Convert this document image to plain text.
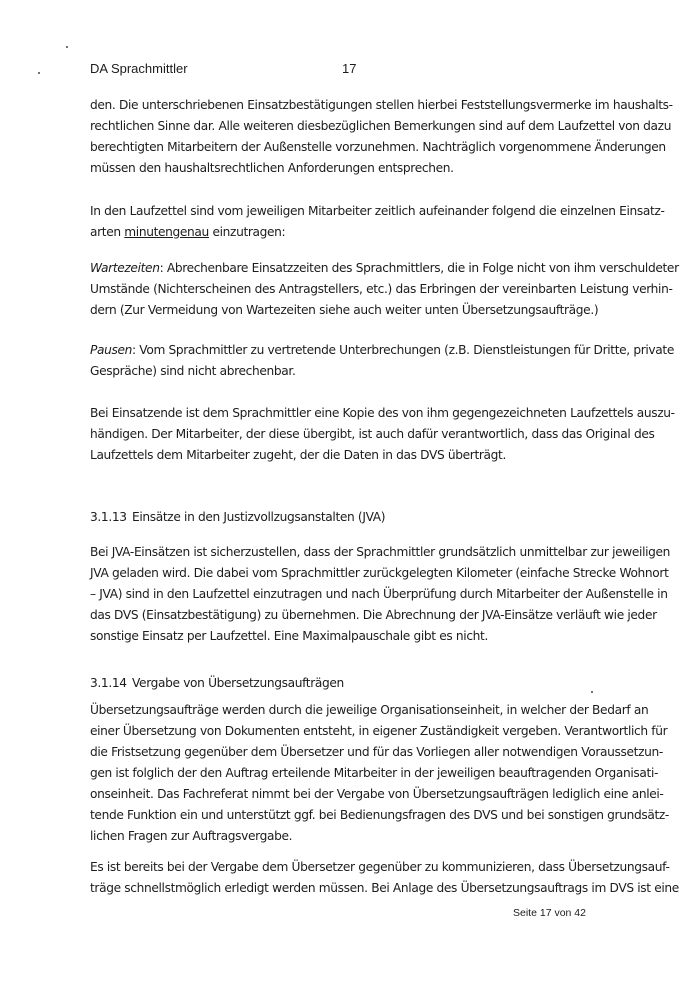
DA Sprachmittler	17
den. Die unterschriebenen Einsatzbestätigungen stellen hierbei Feststellungsvermerke im haushalts-
rechtlichen Sinne dar. Alle weiteren diesbezüglichen Bemerkungen sind auf dem Laufzettel von dazu
berechtigten Mitarbeitern der Außenstelle vorzunehmen. Nachträglich vorgenommene Änderungen
müssen den haushaltsrechtlichen Anforderungen entsprechen.
In den Laufzettel sind vom jeweiligen Mitarbeiter zeitlich aufeinander folgend die einzelnen Einsatz-
arten minutengenau einzutragen:
Wartezeiten: Abrechenbare Einsatzzeiten des Sprachmittlers, die in Folge nicht von ihm verschuldeter
Umstände (Nichterscheinen des Antragstellers, etc.) das Erbringen der vereinbarten Leistung verhin-
dern (Zur Vermeidung von Wartezeiten siehe auch weiter unten Übersetzungsaufträge.)
Pausen: Vom Sprachmittler zu vertretende Unterbrechungen (z.B. Dienstleistungen für Dritte, private
Gespräche) sind nicht abrechenbar.
Bei Einsatzende ist dem Sprachmittler eine Kopie des von ihm gegengezeichneten Laufzettels auszu-
händigen. Der Mitarbeiter, der diese übergibt, ist auch dafür verantwortlich, dass das Original des
Laufzettels dem Mitarbeiter zugeht, der die Daten in das DVS überträgt.
3.1.13 Einsätze in den Justizvollzugsanstalten (JVA)
Bei JVA-Einsätzen ist sicherzustellen, dass der Sprachmittler grundsätzlich unmittelbar zur jeweiligen
JVA geladen wird. Die dabei vom Sprachmittler zurückgelegten Kilometer (einfache Strecke Wohnort
– JVA) sind in den Laufzettel einzutragen und nach Überprüfung durch Mitarbeiter der Außenstelle in
das DVS (Einsatzbestätigung) zu übernehmen. Die Abrechnung der JVA-Einsätze verläuft wie jeder
sonstige Einsatz per Laufzettel. Eine Maximalpauschale gibt es nicht.
3.1.14 Vergabe von Übersetzungsaufträgen
Übersetzungsaufträge werden durch die jeweilige Organisationseinheit, in welcher der Bedarf an
einer Übersetzung von Dokumenten entsteht, in eigener Zuständigkeit vergeben. Verantwortlich für
die Fristsetzung gegenüber dem Übersetzer und für das Vorliegen aller notwendigen Voraussetzun-
gen ist folglich der den Auftrag erteilende Mitarbeiter in der jeweiligen beauftragenden Organisati-
onseinheit. Das Fachreferat nimmt bei der Vergabe von Übersetzungsaufträgen lediglich eine anlei-
tende Funktion ein und unterstützt ggf. bei Bedienungsfragen des DVS und bei sonstigen grundsätz-
lichen Fragen zur Auftragsvergabe.
Es ist bereits bei der Vergabe dem Übersetzer gegenüber zu kommunizieren, dass Übersetzungsauf-
träge schnellstmöglich erledigt werden müssen. Bei Anlage des Übersetzungsauftrags im DVS ist eine
Seite 17 von 42
